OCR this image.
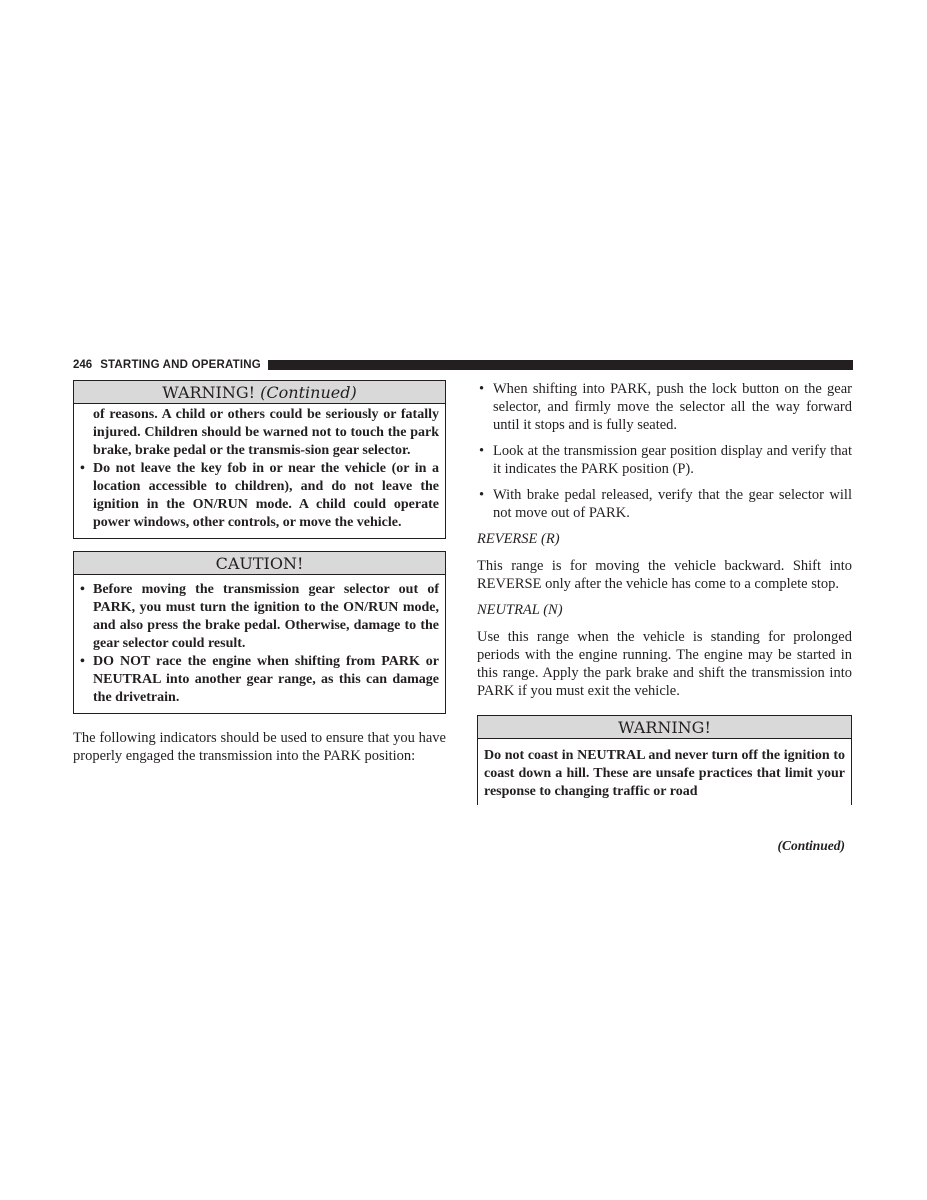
246 STARTING AND OPERATING
WARNING! (Continued)

of reasons. A child or others could be seriously or fatally injured. Children should be warned not to touch the park brake, brake pedal or the transmis-sion gear selector.

• Do not leave the key fob in or near the vehicle (or in a location accessible to children), and do not leave the ignition in the ON/RUN mode. A child could operate power windows, other controls, or move the vehicle.
CAUTION!
• Before moving the transmission gear selector out of PARK, you must turn the ignition to the ON/RUN mode, and also press the brake pedal. Otherwise, damage to the gear selector could result.
• DO NOT race the engine when shifting from PARK or NEUTRAL into another gear range, as this can damage the drivetrain.

The following indicators should be used to ensure that you have properly engaged the transmission into the PARK position:

• When shifting into PARK, push the lock button on the gear selector, and firmly move the selector all the way forward until it stops and is fully seated.
• Look at the transmission gear position display and verify that it indicates the PARK position (P).
• With brake pedal released, verify that the gear selector will not move out of PARK.

REVERSE (R)

This range is for moving the vehicle backward. Shift into REVERSE only after the vehicle has come to a complete stop.

NEUTRAL (N)

Use this range when the vehicle is standing for prolonged periods with the engine running. The engine may be started in this range. Apply the park brake and shift the transmission into PARK if you must exit the vehicle.

WARNING!

Do not coast in NEUTRAL and never turn off the ignition to coast down a hill. These are unsafe practices that limit your response to changing traffic or road

(Continued)
